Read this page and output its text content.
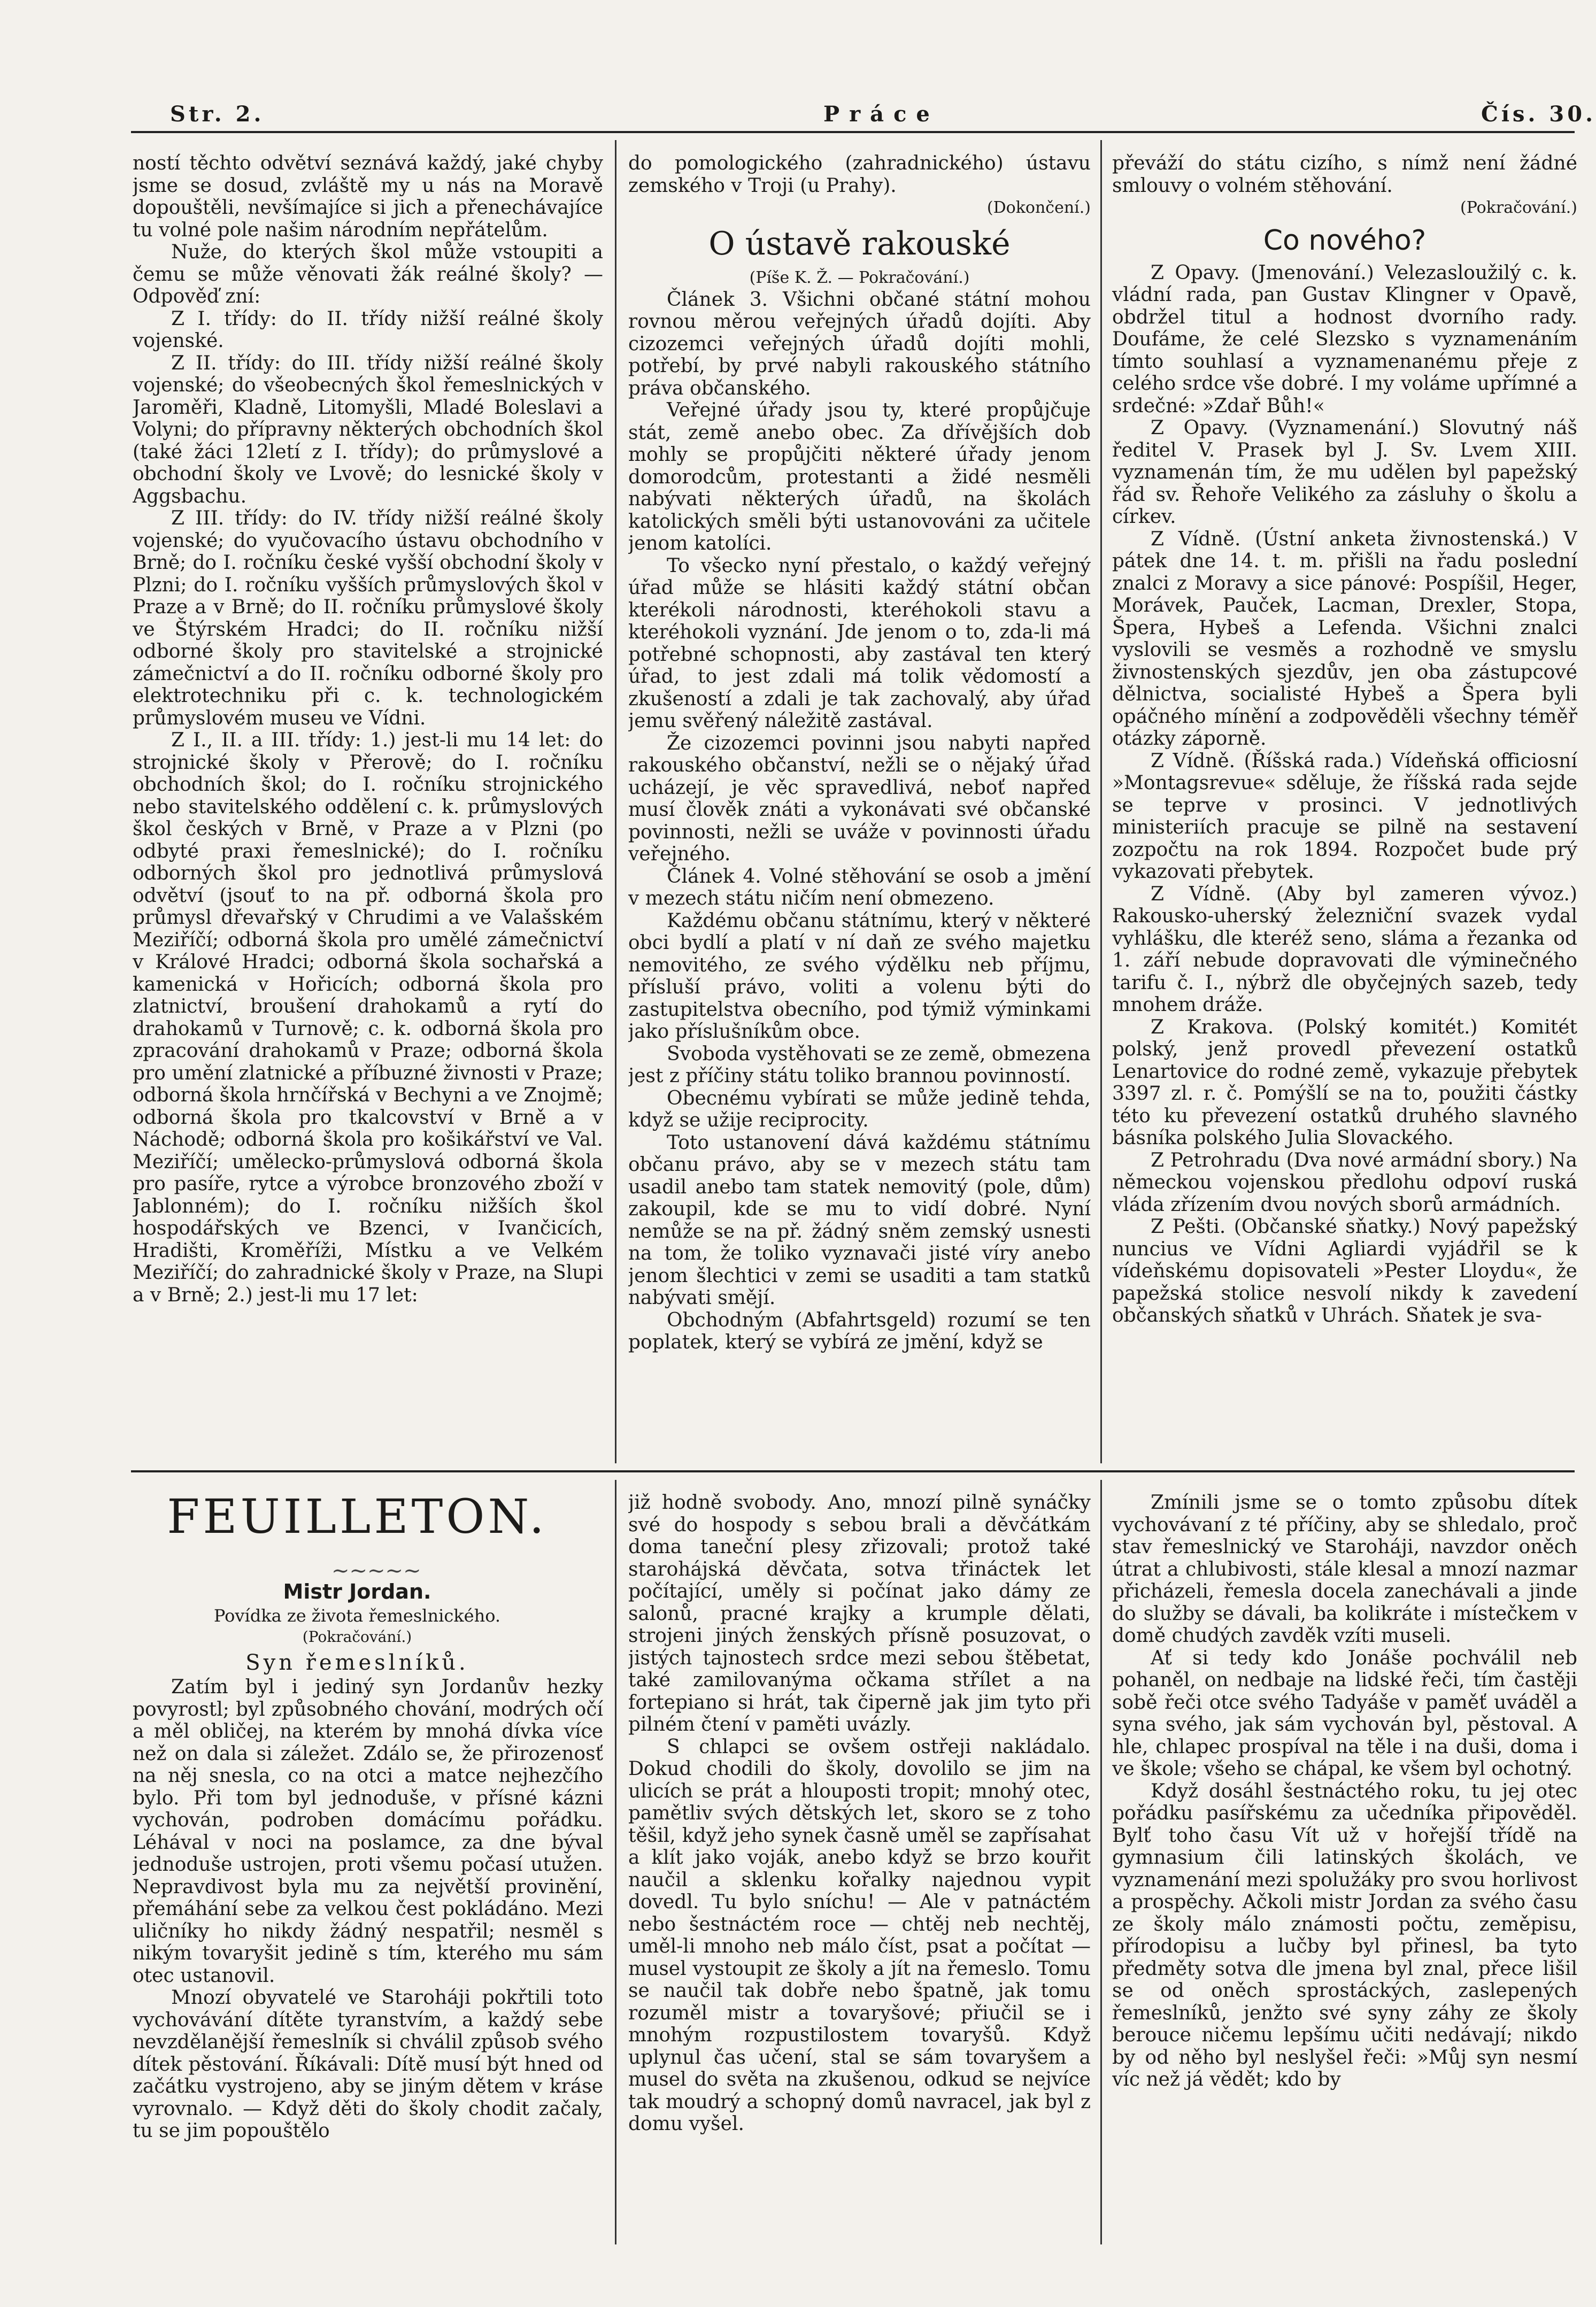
Str. 2.	Práce	Čís. 30.

ností těchto odvětví seznává každý, jaké chyby jsme se dosud, zvláště my u nás na Moravě dopouštěli, nevšímajíce si jich a přenechávajíce tu volné pole našim národním nepřátelům.

Nuže, do kterých škol může vstoupiti a čemu se může věnovati žák reálné školy? — Odpověď zní:

Z I. třídy: do II. třídy nižší reálné školy vojenské.

Z II. třídy: do III. třídy nižší reálné školy vojenské; do všeobecných škol řemeslnických v Jaroměři, Kladně, Litomyšli, Mladé Boleslavi a Volyni; do přípravny některých obchodních škol (také žáci 12letí z I. třídy); do průmyslové a obchodní školy ve Lvově; do lesnické školy v Aggsbachu.

Z III. třídy: do IV. třídy nižší reálné školy vojenské; do vyučovacího ústavu obchodního v Brně; do I. ročníku české vyšší obchodní školy v Plzni; do I. ročníku vyšších průmyslových škol v Praze a v Brně; do II. ročníku průmyslové školy ve Štýrském Hradci; do II. ročníku nižší odborné školy pro stavitelské a strojnické zámečnictví a do II. ročníku odborné školy pro elektrotechniku při c. k. technologickém průmyslovém museu ve Vídni.

Z I., II. a III. třídy: 1.) jest-li mu 14 let: do strojnické školy v Přerově; do I. ročníku obchodních škol; do I. ročníku strojnického nebo stavitelského oddělení c. k. průmyslových škol českých v Brně, v Praze a v Plzni (po odbyté praxi řemeslnické); do I. ročníku odborných škol pro jednotlivá průmyslová odvětví (jsouť to na př. odborná škola pro průmysl dřevařský v Chrudimi a ve Valašském Meziříčí; odborná škola pro umělé zámečnictví v Králové Hradci; odborná škola sochařská a kamenická v Hořicích; odborná škola pro zlatnictví, broušení drahokamů a rytí do drahokamů v Turnově; c. k. odborná škola pro zpracování drahokamů v Praze; odborná škola pro umění zlatnické a příbuzné živnosti v Praze; odborná škola hrnčířská v Bechyni a ve Znojmě; odborná škola pro tkalcovství v Brně a v Náchodě; odborná škola pro košikářství ve Val. Meziříčí; umělecko-průmyslová odborná škola pro pasíře, rytce a výrobce bronzového zboží v Jablonném); do I. ročníku nižších škol hospodářských ve Bzenci, v Ivančicích, Hradišti, Kroměříži, Místku a ve Velkém Meziříčí; do zahradnické školy v Praze, na Slupi a v Brně; 2.) jest-li mu 17 let:

do pomologického (zahradnického) ústavu zemského v Troji (u Prahy).

(Dokončení.)
O ústavě rakouské
(Píše K. Ž. — Pokračování.)

Článek 3. Všichni občané státní mohou rovnou měrou veřejných úřadů dojíti. Aby cizozemci veřejných úřadů dojíti mohli, potřebí, by prvé nabyli rakouského státního práva občanského.

Veřejné úřady jsou ty, které propůjčuje stát, země anebo obec. Za dřívějších dob mohly se propůjčiti některé úřady jenom domorodcům, protestanti a židé nesměli nabývati některých úřadů, na školách katolických směli býti ustanovováni za učitele jenom katolíci.

To všecko nyní přestalo, o každý veřejný úřad může se hlásiti každý státní občan kterékoli národnosti, kteréhokoli stavu a kteréhokoli vyznání. Jde jenom o to, zda-li má potřebné schopnosti, aby zastával ten který úřad, to jest zdali má tolik vědomostí a zkušeností a zdali je tak zachovalý, aby úřad jemu svěřený náležitě zastával.

Že cizozemci povinni jsou nabyti napřed rakouského občanství, nežli se o nějaký úřad ucházejí, je věc spravedlivá, neboť napřed musí člověk znáti a vykonávati své občanské povinnosti, nežli se uváže v povinnosti úřadu veřejného.

Článek 4. Volné stěhování se osob a jmění v mezech státu ničím není obmezeno.

Každému občanu státnímu, který v některé obci bydlí a platí v ní daň ze svého majetku nemovitého, ze svého výdělku neb příjmu, přísluší právo, voliti a volenu býti do zastupitelstva obecního, pod týmiž výminkami jako příslušníkům obce.

Svoboda vystěhovati se ze země, obmezena jest z příčiny státu toliko brannou povinností.

Obecnému vybírati se může jedině tehda, když se užije reciprocity.

Toto ustanovení dává každému státnímu občanu právo, aby se v mezech státu tam usadil anebo tam statek nemovitý (pole, dům) zakoupil, kde se mu to vidí dobré. Nyní nemůže se na př. žádný sněm zemský usnesti na tom, že toliko vyznavači jisté víry anebo jenom šlechtici v zemi se usaditi a tam statků nabývati smějí.

Obchodným (Abfahrtsgeld) rozumí se ten poplatek, který se vybírá ze jmění, když se

převáží do státu cizího, s nímž není žádné smlouvy o volném stěhování.

(Pokračování.)
Co nového?

Z Opavy. (Jmenování.) Velezasloužilý c. k. vládní rada, pan Gustav Klingner v Opavě, obdržel titul a hodnost dvorního rady. Doufáme, že celé Slezsko s vyznamenáním tímto souhlasí a vyznamenanému přeje z celého srdce vše dobré. I my voláme upřímné a srdečné: »Zdař Bůh!«

Z Opavy. (Vyznamenání.) Slovutný náš ředitel V. Prasek byl J. Sv. Lvem XIII. vyznamenán tím, že mu udělen byl papežský řád sv. Řehoře Velikého za zásluhy o školu a církev.

Z Vídně. (Ústní anketa živnostenská.) V pátek dne 14. t. m. přišli na řadu poslední znalci z Moravy a sice pánové: Pospíšil, Heger, Morávek, Pauček, Lacman, Drexler, Stopa, Špera, Hybeš a Lefenda. Všichni znalci vyslovili se vesměs a rozhodně ve smyslu živnostenských sjezdův, jen oba zástupcové dělnictva, socialisté Hybeš a Špera byli opáčného mínění a zodpověděli všechny téměř otázky záporně.

Z Vídně. (Říšská rada.) Vídeňská officiosní »Montagsrevue« sděluje, že říšská rada sejde se teprve v prosinci. V jednotlivých ministeriích pracuje se pilně na sestavení zozpočtu na rok 1894. Rozpočet bude prý vykazovati přebytek.

Z Vídně. (Aby byl zameren vývoz.) Rakousko-uherský železniční svazek vydal vyhlášku, dle kteréž seno, sláma a řezanka od 1. září nebude dopravovati dle výminečného tarifu č. I., nýbrž dle obyčejných sazeb, tedy mnohem dráže.

Z Krakova. (Polský komitét.) Komitét polský, jenž provedl převezení ostatků Lenartovice do rodné země, vykazuje přebytek 3397 zl. r. č. Pomýšlí se na to, použiti částky této ku převezení ostatků druhého slavného básníka polského Julia Slovackého.

Z Petrohradu (Dva nové armádní sbory.) Na německou vojenskou předlohu odpoví ruská vláda zřízením dvou nových sborů armádních.

Z Pešti. (Občanské sňatky.) Nový papežský nuncius ve Vídni Agliardi vyjádřil se k vídeňskému dopisovateli »Pester Lloydu«, že papežská stolice nesvolí nikdy k zavedení občanských sňatků v Uhrách. Sňatek je sva-

FEUILLETON.
~~~~~
Mistr Jordan.
Povídka ze života řemeslnického.
(Pokračování.)
Syn řemeslníků.

Zatím byl i jediný syn Jordanův hezky povyrostl; byl způsobného chování, modrých očí a měl obličej, na kterém by mnohá dívka více než on dala si záležet. Zdálo se, že přirozenosť na něj snesla, co na otci a matce nejhezčího bylo. Při tom byl jednoduše, v přísné kázni vychován, podroben domácímu pořádku. Léhával v noci na poslamce, za dne býval jednoduše ustrojen, proti všemu počasí utužen. Nepravdivost byla mu za největší provinění, přemáhání sebe za velkou čest pokládáno. Mezi uličníky ho nikdy žádný nespatřil; nesměl s nikým tovaryšit jedině s tím, kterého mu sám otec ustanovil.

Mnozí obyvatelé ve Staroháji pokřtili toto vychovávání dítěte tyranstvím, a každý sebe nevzdělanější řemeslník si chválil způsob svého dítek pěstování. Říkávali: Dítě musí být hned od začátku vystrojeno, aby se jiným dětem v kráse vyrovnalo. — Když děti do školy chodit začaly, tu se jim popouštělo

již hodně svobody. Ano, mnozí pilně synáčky své do hospody s sebou brali a děvčátkám doma taneční plesy zřizovali; protož také starohájská děvčata, sotva třináctek let počítající, uměly si počínat jako dámy ze salonů, pracné krajky a krumple dělati, strojeni jiných ženských přísně posuzovat, o jistých tajnostech srdce mezi sebou štěbetat, také zamilovanýma očkama střílet a na fortepiano si hrát, tak čiperně jak jim tyto při pilném čtení v paměti uvázly.

S chlapci se ovšem ostřeji nakládalo. Dokud chodili do školy, dovolilo se jim na ulicích se prát a hlouposti tropit; mnohý otec, pamětliv svých dětských let, skoro se z toho těšil, když jeho synek časně uměl se zapřísahat a klít jako voják, anebo když se brzo kouřit naučil a sklenku kořalky najednou vypit dovedl. Tu bylo sníchu! — Ale v patnáctém nebo šestnáctém roce — chtěj neb nechtěj, uměl-li mnoho neb málo číst, psat a počítat — musel vystoupit ze školy a jít na řemeslo. Tomu se naučil tak dobře nebo špatně, jak tomu rozuměl mistr a tovaryšové; přiučil se i mnohým rozpustilostem tovaryšů. Když uplynul čas učení, stal se sám tovaryšem a musel do světa na zkušenou, odkud se nejvíce tak moudrý a schopný domů navracel, jak byl z domu vyšel.

Zmínili jsme se o tomto způsobu dítek vychovávaní z té příčiny, aby se shledalo, proč stav řemeslnický ve Staroháji, navzdor oněch útrat a chlubivosti, stále klesal a mnozí nazmar přicházeli, řemesla docela zanechávali a jinde do služby se dávali, ba kolikráte i místečkem v domě chudých zavděk vzíti museli.

Ať si tedy kdo Jonáše pochválil neb pohaněl, on nedbaje na lidské řeči, tím častěji sobě řeči otce svého Tadyáše v paměť uváděl a syna svého, jak sám vychován byl, pěstoval. A hle, chlapec prospíval na těle i na duši, doma i ve škole; všeho se chápal, ke všem byl ochotný.

Když dosáhl šestnáctého roku, tu jej otec pořádku pasířskému za učedníka připověděl. Bylť toho času Vít už v hořejší třídě na gymnasium čili latinských školách, ve vyznamenání mezi spolužáky pro svou horlivost a prospěchy. Ačkoli mistr Jordan za svého času ze školy málo známosti počtu, zeměpisu, přírodopisu a lučby byl přinesl, ba tyto předměty sotva dle jmena byl znal, přece lišil se od oněch sprostáckých, zaslepených řemeslníků, jenžto své syny záhy ze školy berouce ničemu lepšímu učiti nedávají; nikdo by od něho byl neslyšel řeči: »Můj syn nesmí víc než já vědět; kdo by
